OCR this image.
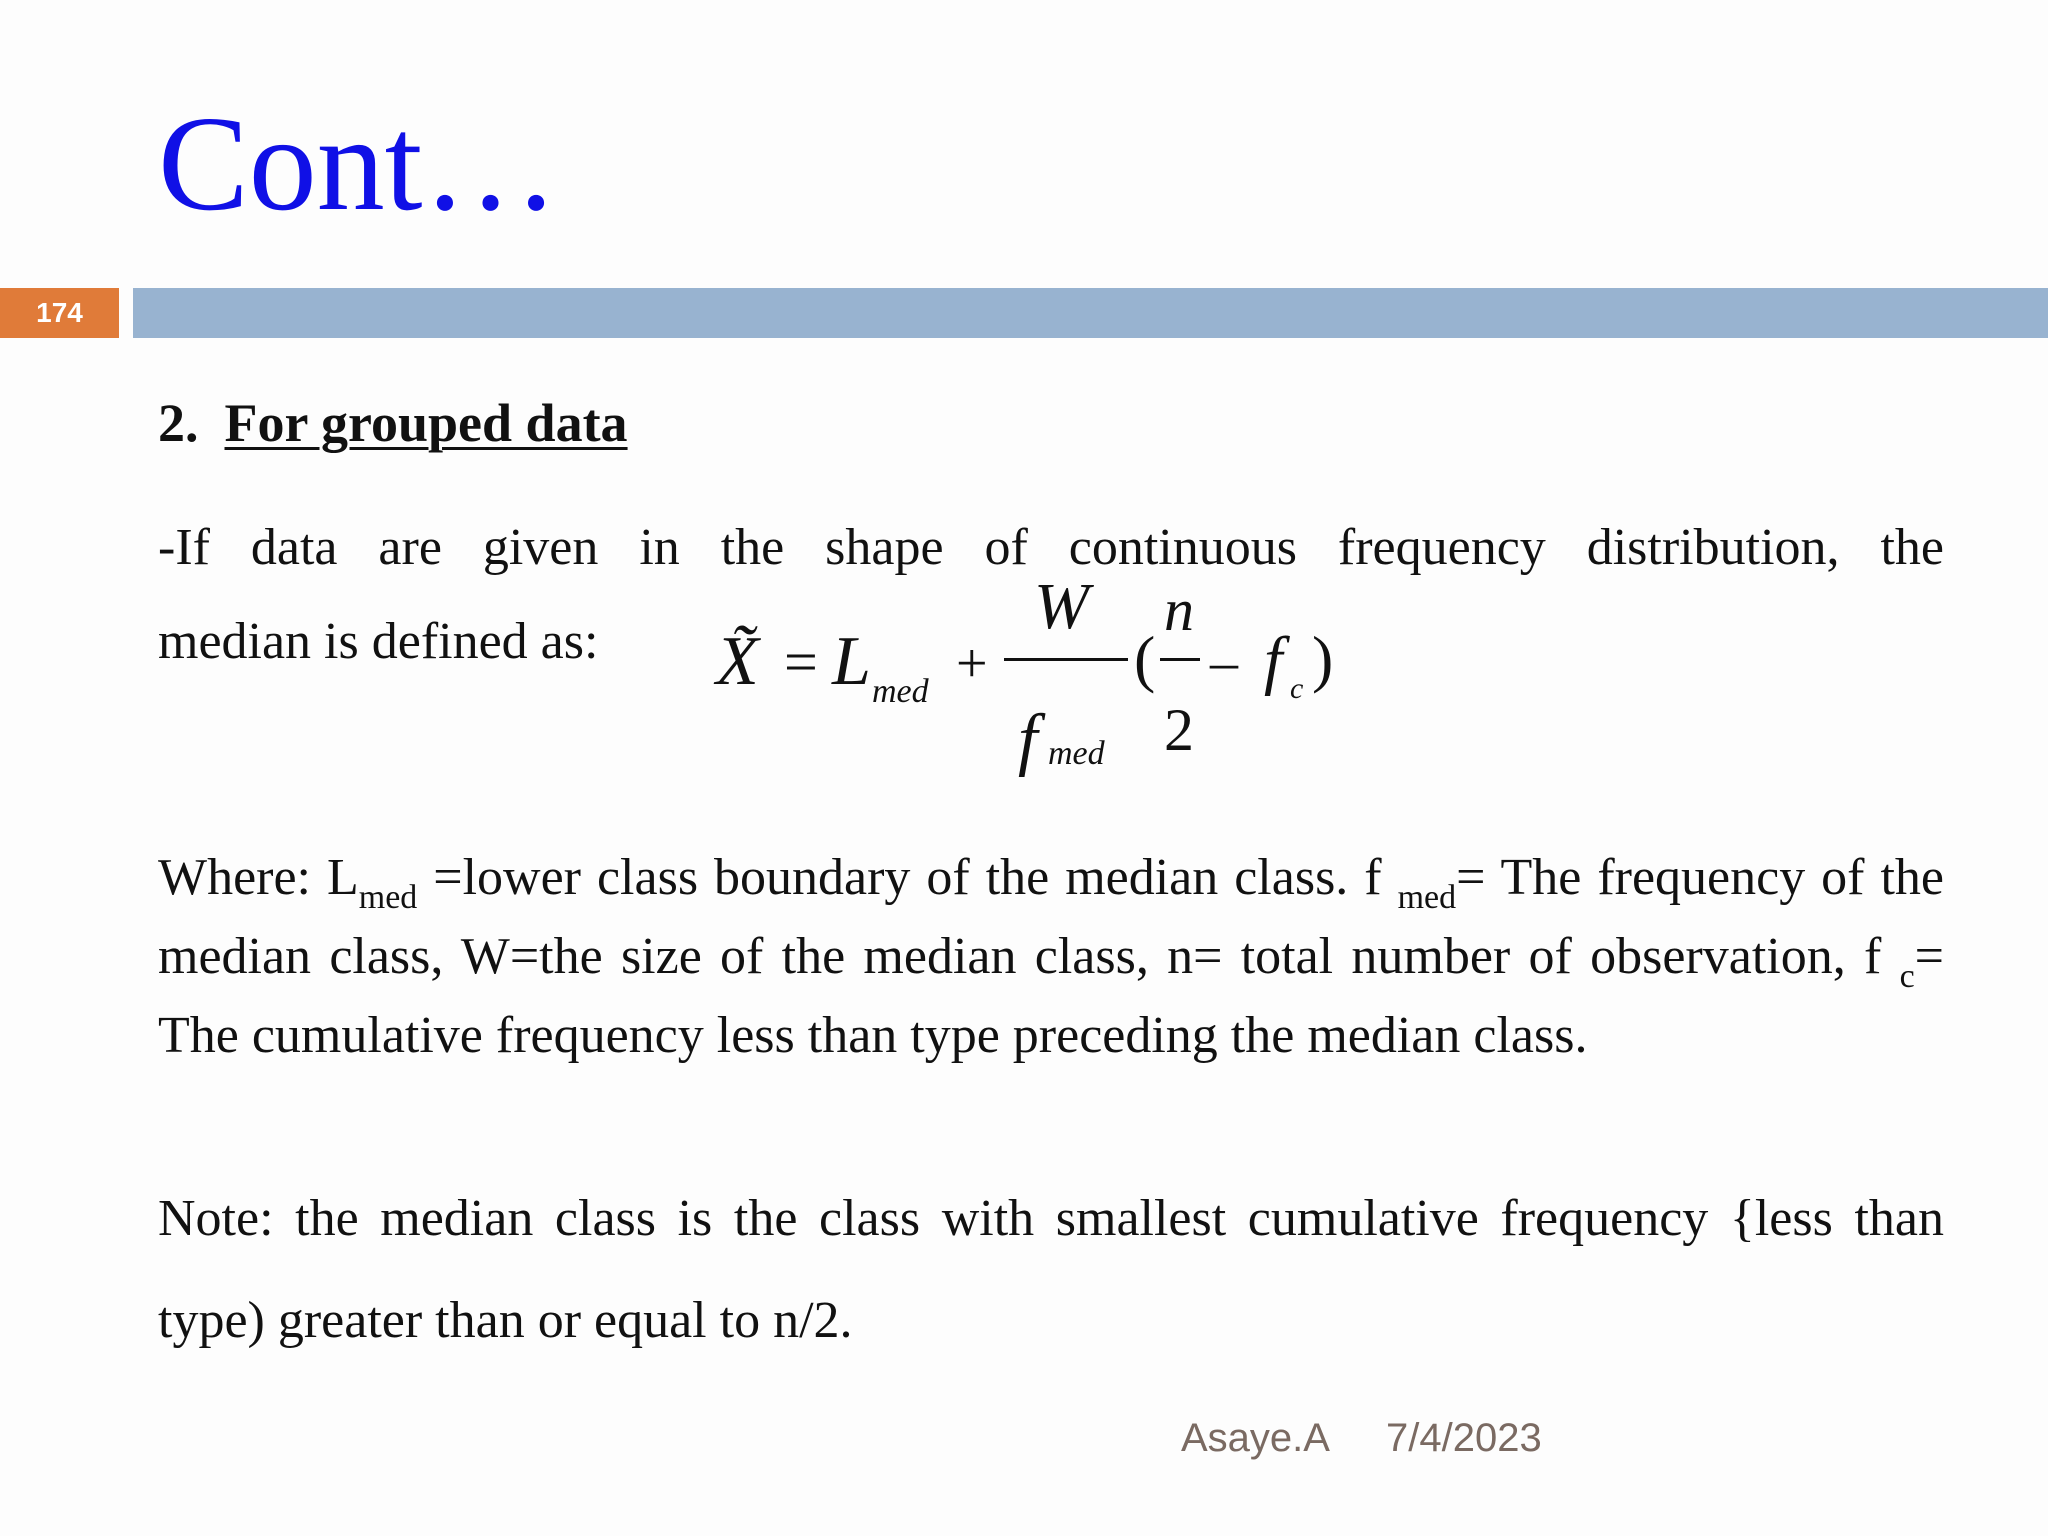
Cont…
174
2. For grouped data
-If data are given in the shape of continuous frequency distribution, the
median is defined as:	X̃ = L med +
W
f med
(
n
2
– f c )
Where: $L_{med}$ =lower class boundary of the median class. f $_{med}$= The frequency of the median class, W=the size of the median class, n= total number of observation, f $_c$= The cumulative frequency less than type preceding the median class.
Note: the median class is the class with smallest cumulative frequency {less than type) greater than or equal to n/2.
Asaye.A 7/4/2023
